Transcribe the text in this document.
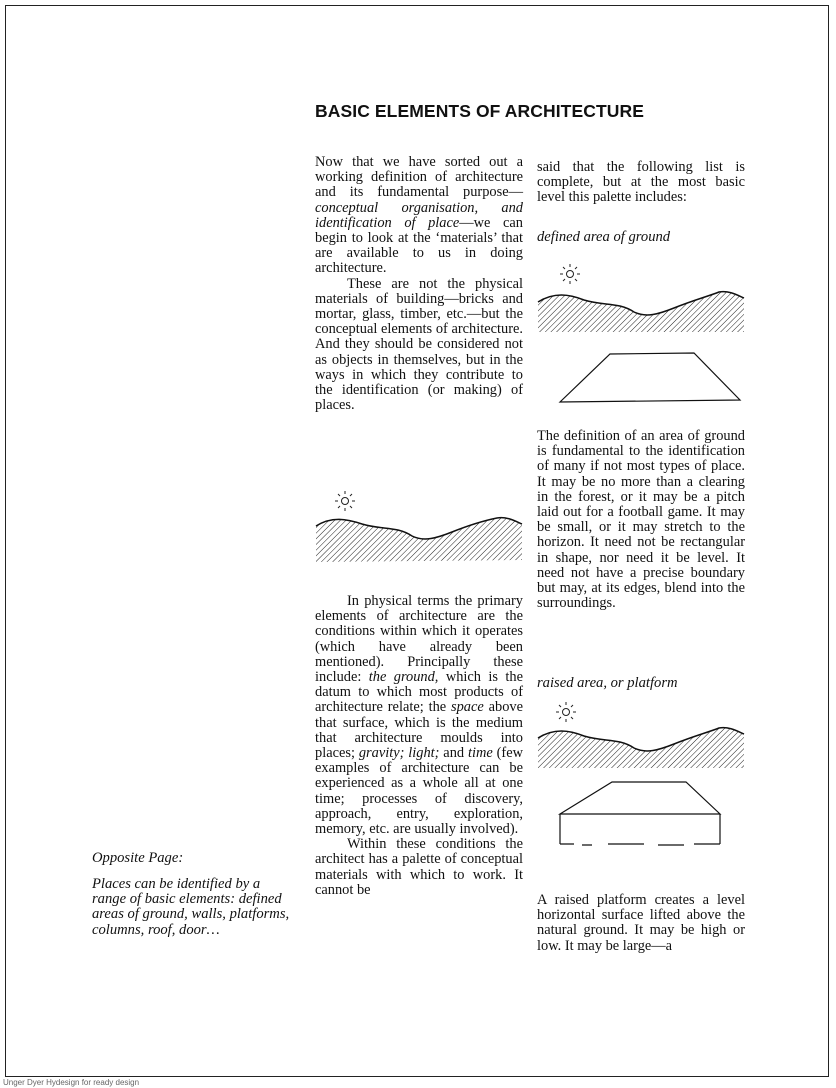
BASIC ELEMENTS OF ARCHITECTURE

Now that we have sorted out a working definition of architecture and its fundamental purpose—conceptual organisation, and identification of place—we can begin to look at the ‘materials’ that are available to us in doing architecture.

These are not the physical materials of building—bricks and mortar, glass, timber, etc.—but the conceptual elements of architecture. And they should be considered not as objects in themselves, but in the ways in which they contribute to the identification (or making) of places.

In physical terms the primary elements of architecture are the conditions within which it operates (which have already been mentioned). Principally these include: the ground, which is the datum to which most products of architecture relate; the space above that surface, which is the medium that architecture moulds into places; gravity; light; and time (few examples of architecture can be experienced as a whole all at one time; processes of discovery, approach, entry, exploration, memory, etc. are usually involved).

Within these conditions the architect has a palette of conceptual materials with which to work. It cannot be

said that the following list is complete, but at the most basic level this palette includes:
defined area of ground
The definition of an area of ground is fundamental to the identification of many if not most types of place. It may be no more than a clearing in the forest, or it may be a pitch laid out for a football game. It may be small, or it may stretch to the horizon. It need not be rectangular in shape, nor need it be level. It need not have a precise boundary but may, at its edges, blend into the surroundings.
raised area, or platform
A raised platform creates a level horizontal surface lifted above the natural ground. It may be high or low. It may be large—a
Opposite Page:
Places can be identified by a range of basic elements: defined areas of ground, walls, platforms, columns, roof, door…
Unger Dyer Hydesign for ready design
